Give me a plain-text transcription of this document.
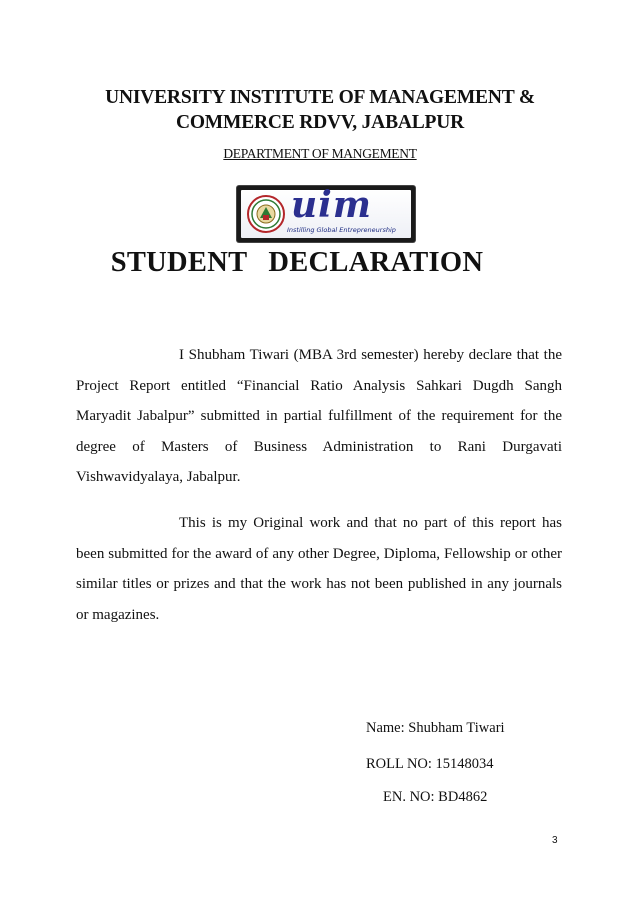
UNIVERSITY INSTITUTE OF MANAGEMENT &
COMMERCE RDVV, JABALPUR
DEPARTMENT OF MANGEMENT
uim
Instilling Global Entrepreneurship
STUDENT DECLARATION
I Shubham Tiwari (MBA 3rd semester) hereby declare that the Project Report entitled “Financial Ratio Analysis Sahkari Dugdh Sangh Maryadit Jabalpur” submitted in partial fulfillment of the requirement for the degree of Masters of Business Administration to Rani Durgavati Vishwavidyalaya, Jabalpur.
This is my Original work and that no part of this report has been submitted for the award of any other Degree, Diploma, Fellowship or other similar titles or prizes and that the work has not been published in any journals or magazines.
Name: Shubham Tiwari
ROLL NO: 15148034
EN. NO: BD4862
3
